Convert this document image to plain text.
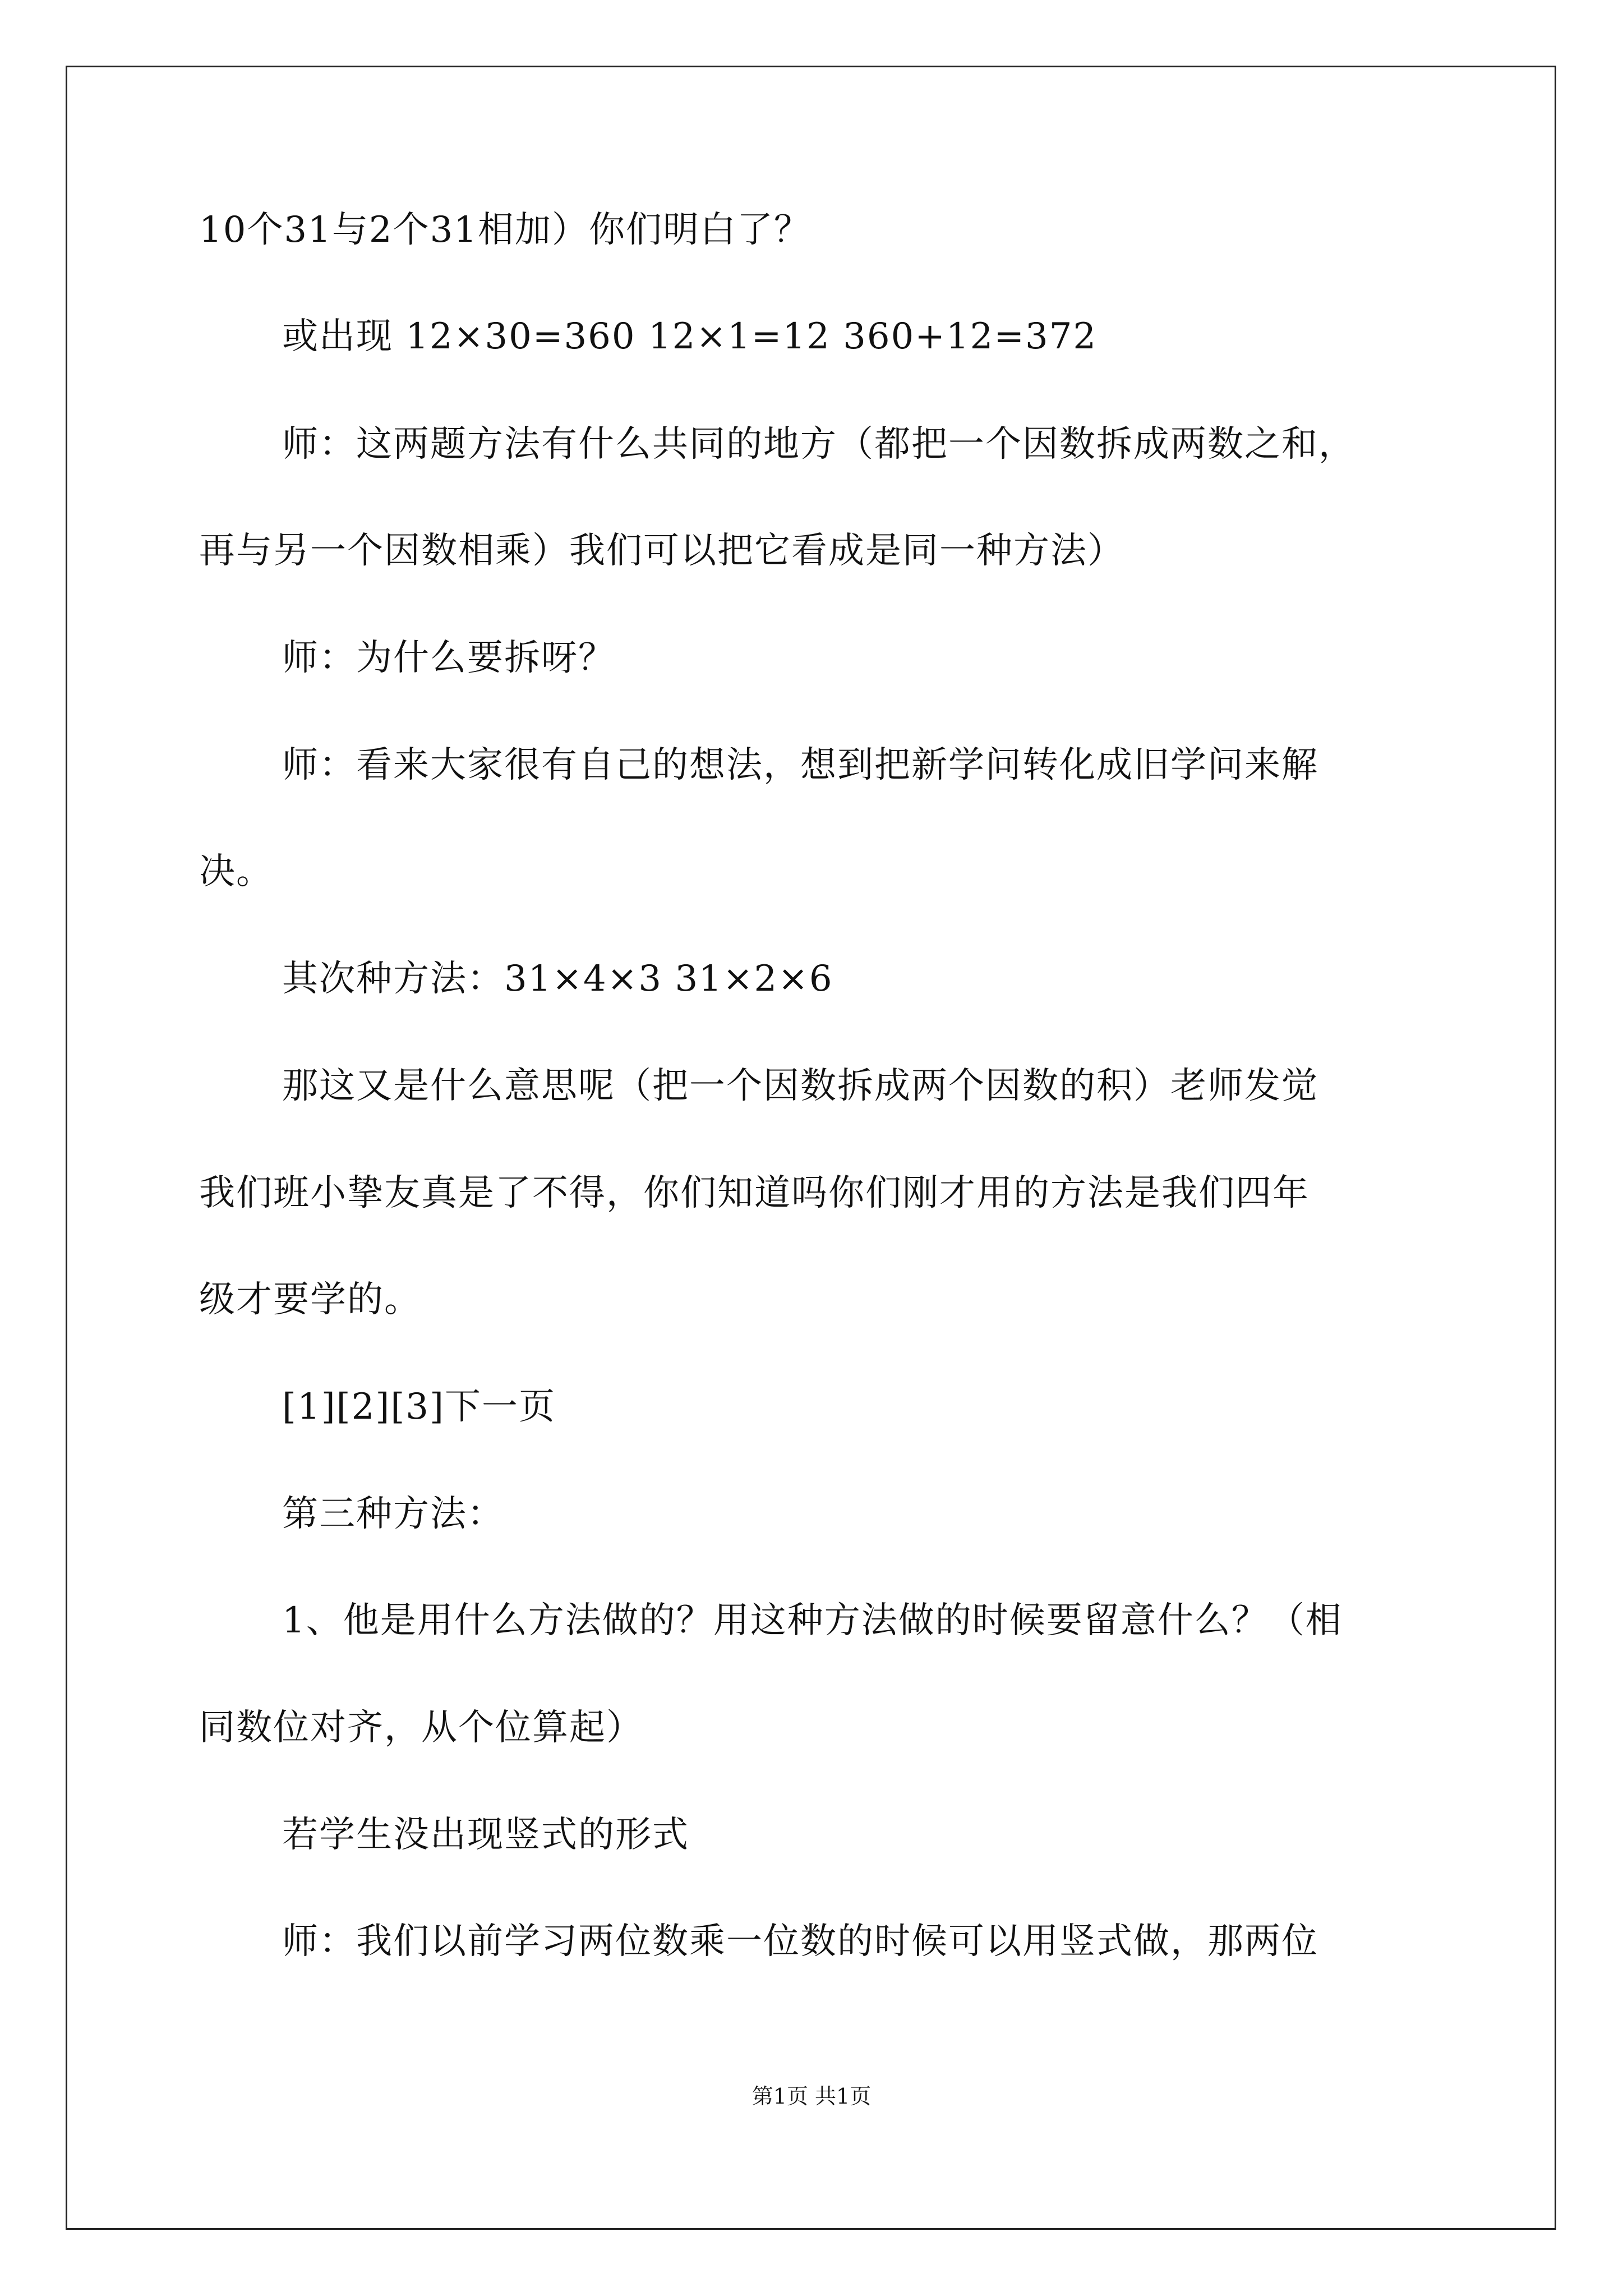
10个31与2个31相加）你们明白了？
或出现 12×30=360 12×1=12 360+12=372
师：这两题方法有什么共同的地方（都把一个因数拆成两数之和，
再与另一个因数相乘）我们可以把它看成是同一种方法）
师：为什么要拆呀？
师：看来大家很有自己的想法，想到把新学问转化成旧学问来解
决。
其次种方法：31×4×3 31×2×6
那这又是什么意思呢（把一个因数拆成两个因数的积）老师发觉
我们班小挚友真是了不得，你们知道吗你们刚才用的方法是我们四年
级才要学的。
[1][2][3]下一页
第三种方法：
1、他是用什么方法做的？用这种方法做的时候要留意什么？（相
同数位对齐，从个位算起）
若学生没出现竖式的形式
师：我们以前学习两位数乘一位数的时候可以用竖式做，那两位
第1页 共1页
